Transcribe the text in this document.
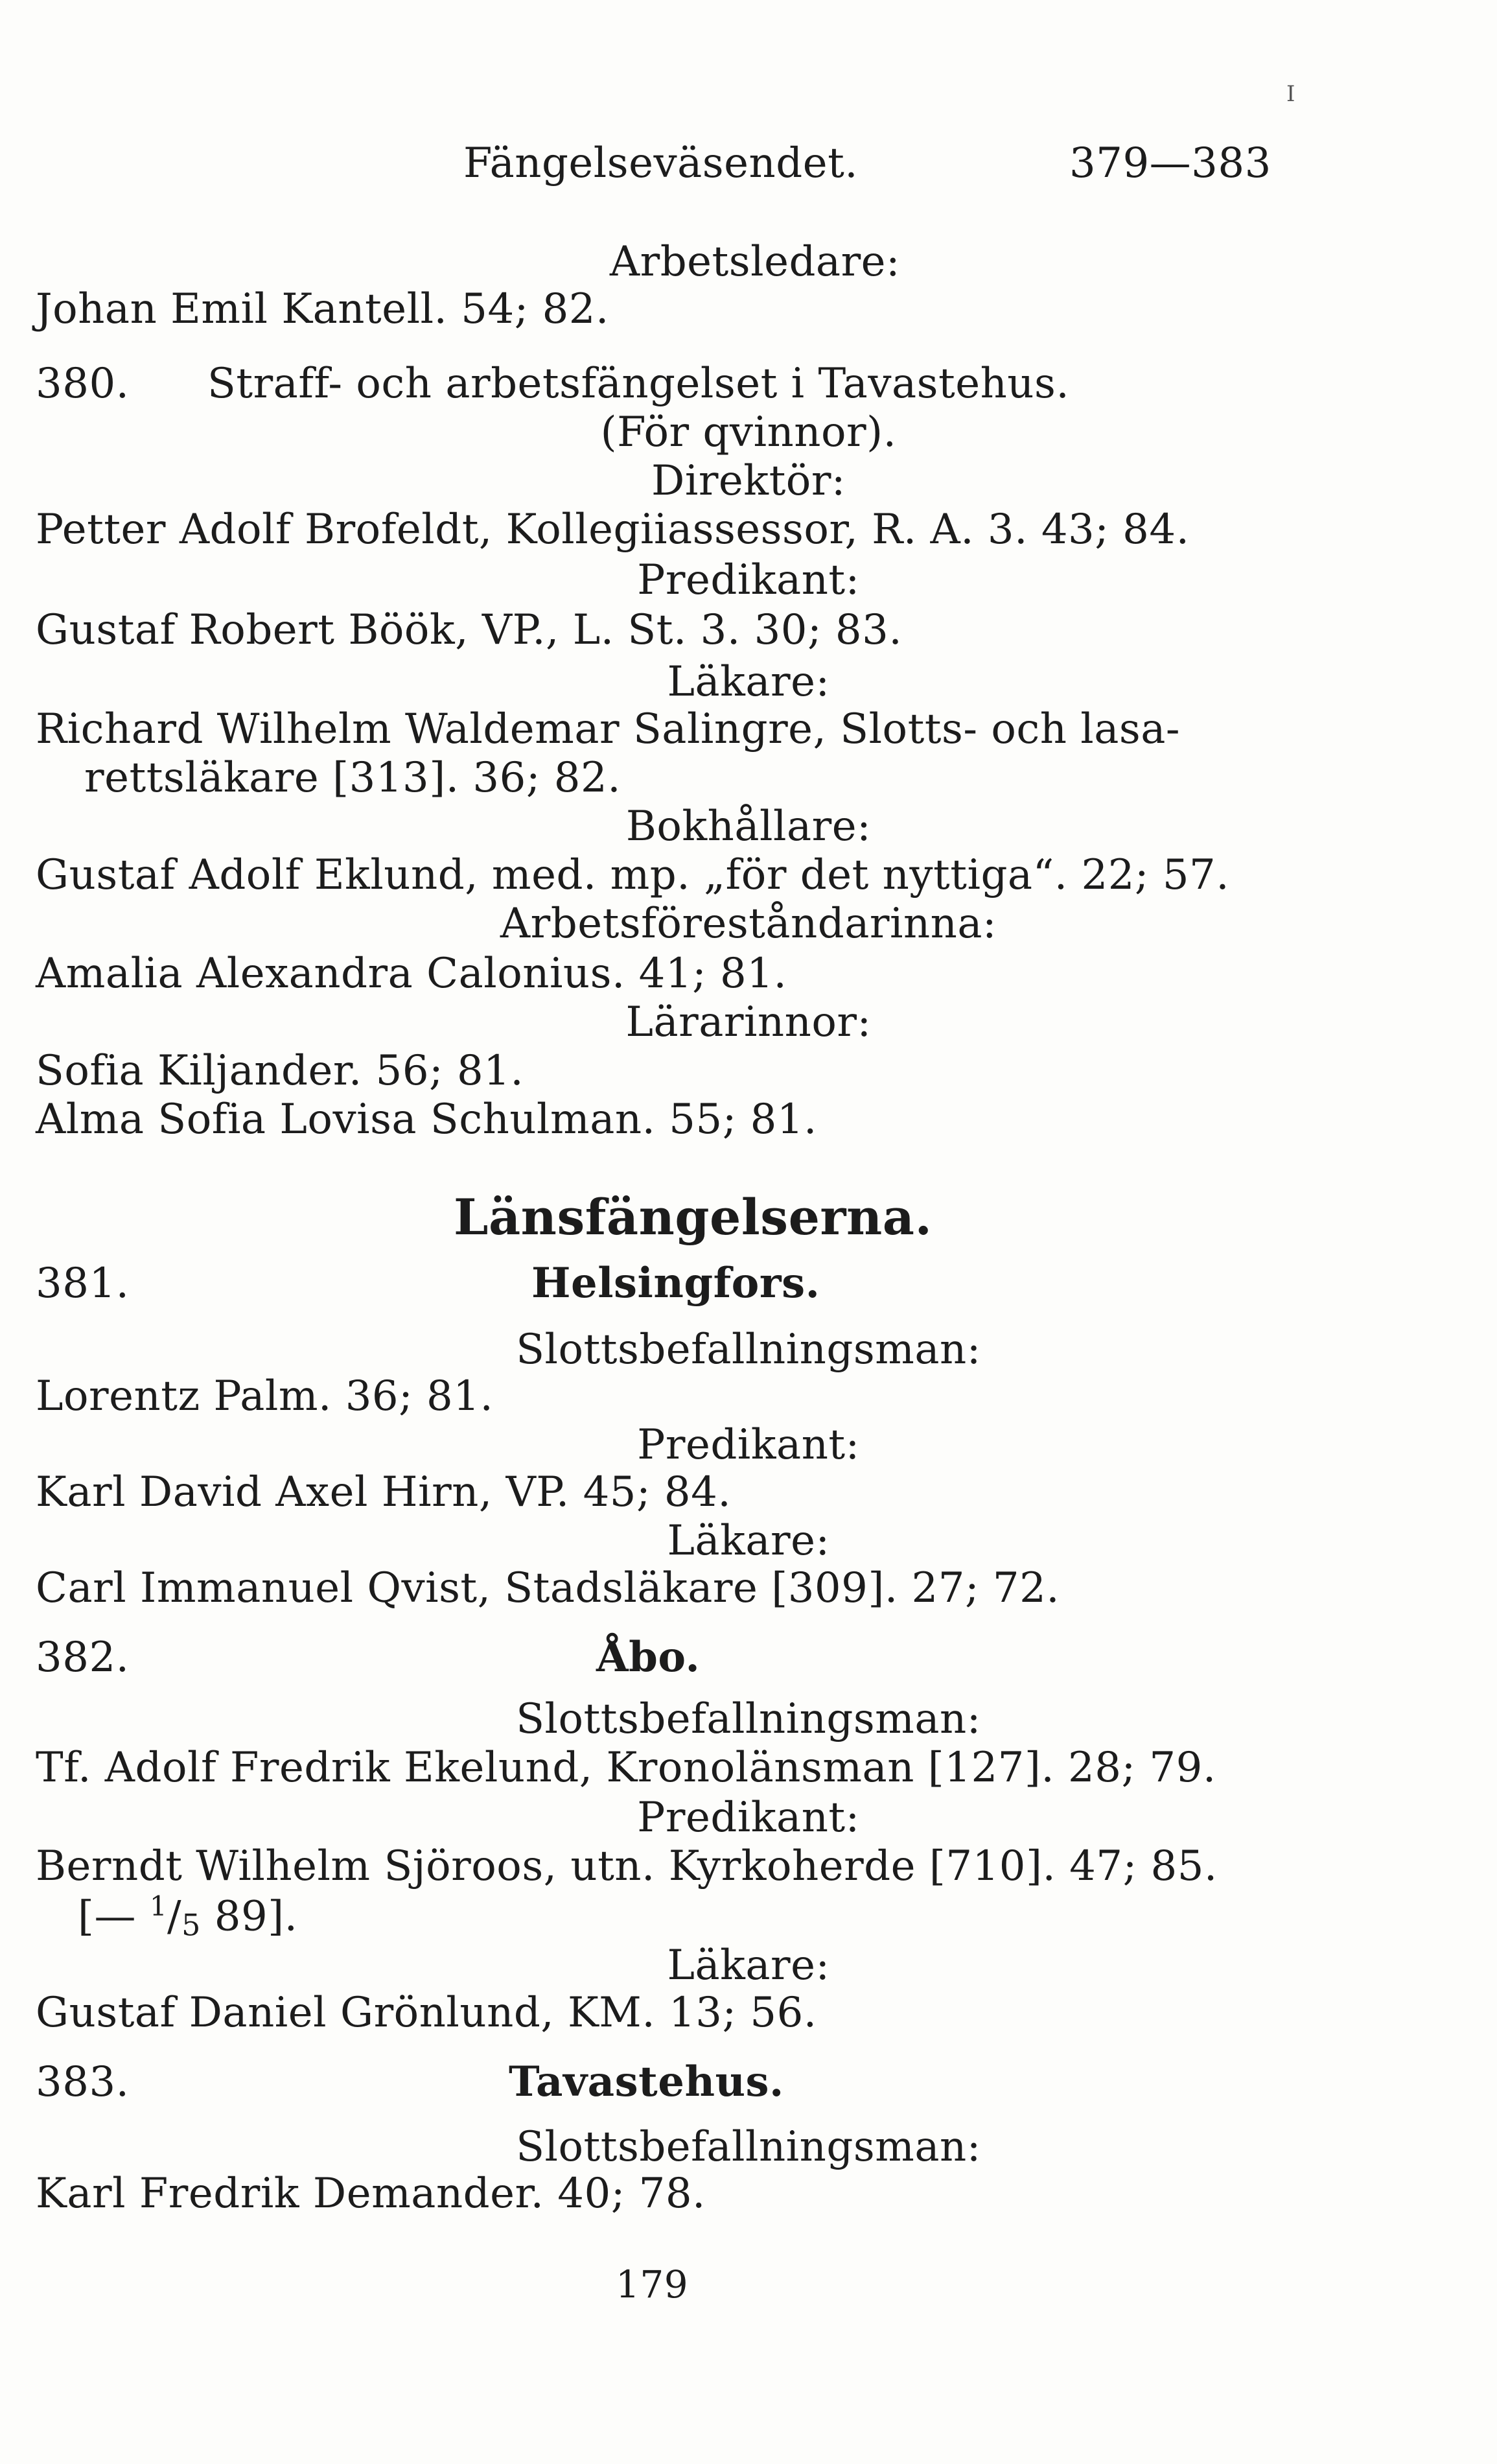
I
Fängelseväsendet.	379—383
Arbetsledare:
Johan Emil Kantell. 54; 82.
380. Straff- och arbetsfängelset i Tavastehus.
(För qvinnor).
Direktör:
Petter Adolf Brofeldt, Kollegiiassessor, R. A. 3. 43; 84.
Predikant:
Gustaf Robert Böök, VP., L. St. 3. 30; 83.
Läkare:
Richard Wilhelm Waldemar Salingre, Slotts- och lasa-
rettsläkare [313]. 36; 82.
Bokhållare:
Gustaf Adolf Eklund, med. mp. „för det nyttiga“. 22; 57.
Arbetsföreståndarinna:
Amalia Alexandra Calonius. 41; 81.
Lärarinnor:
Sofia Kiljander. 56; 81.
Alma Sofia Lovisa Schulman. 55; 81.
Länsfängelserna.
381.	Helsingfors.
Slottsbefallningsman:
Lorentz Palm. 36; 81.
Predikant:
Karl David Axel Hirn, VP. 45; 84.
Läkare:
Carl Immanuel Qvist, Stadsläkare [309]. 27; 72.
382.	Åbo.
Slottsbefallningsman:
Tf. Adolf Fredrik Ekelund, Kronolänsman [127]. 28; 79.
Predikant:
Berndt Wilhelm Sjöroos, utn. Kyrkoherde [710]. 47; 85.
[— $^1$/5 89].
Läkare:
Gustaf Daniel Grönlund, KM. 13; 56.
383.	Tavastehus.
Slottsbefallningsman:
Karl Fredrik Demander. 40; 78.
179
